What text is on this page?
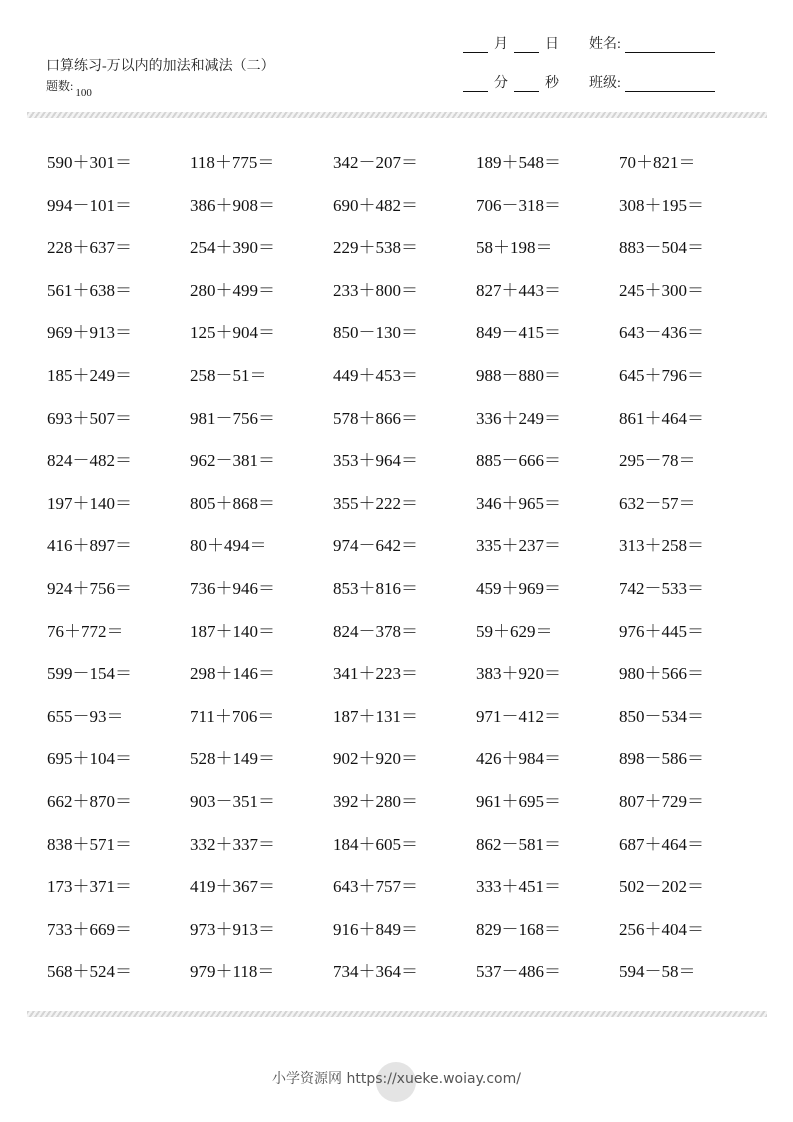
口算练习-万以内的加法和减法（二）
题数: 100
月	日	姓名:
分	秒	班级:
590＋301＝	118＋775＝	342－207＝	189＋548＝	70＋821＝
994－101＝	386＋908＝	690＋482＝	706－318＝	308＋195＝
228＋637＝	254＋390＝	229＋538＝	58＋198＝	883－504＝
561＋638＝	280＋499＝	233＋800＝	827＋443＝	245＋300＝
969＋913＝	125＋904＝	850－130＝	849－415＝	643－436＝
185＋249＝	258－51＝	449＋453＝	988－880＝	645＋796＝
693＋507＝	981－756＝	578＋866＝	336＋249＝	861＋464＝
824－482＝	962－381＝	353＋964＝	885－666＝	295－78＝
197＋140＝	805＋868＝	355＋222＝	346＋965＝	632－57＝
416＋897＝	80＋494＝	974－642＝	335＋237＝	313＋258＝
924＋756＝	736＋946＝	853＋816＝	459＋969＝	742－533＝
76＋772＝	187＋140＝	824－378＝	59＋629＝	976＋445＝
599－154＝	298＋146＝	341＋223＝	383＋920＝	980＋566＝
655－93＝	711＋706＝	187＋131＝	971－412＝	850－534＝
695＋104＝	528＋149＝	902＋920＝	426＋984＝	898－586＝
662＋870＝	903－351＝	392＋280＝	961＋695＝	807＋729＝
838＋571＝	332＋337＝	184＋605＝	862－581＝	687＋464＝
173＋371＝	419＋367＝	643＋757＝	333＋451＝	502－202＝
733＋669＝	973＋913＝	916＋849＝	829－168＝	256＋404＝
568＋524＝	979＋118＝	734＋364＝	537－486＝	594－58＝
小学资源网 https://xueke.woiay.com/
